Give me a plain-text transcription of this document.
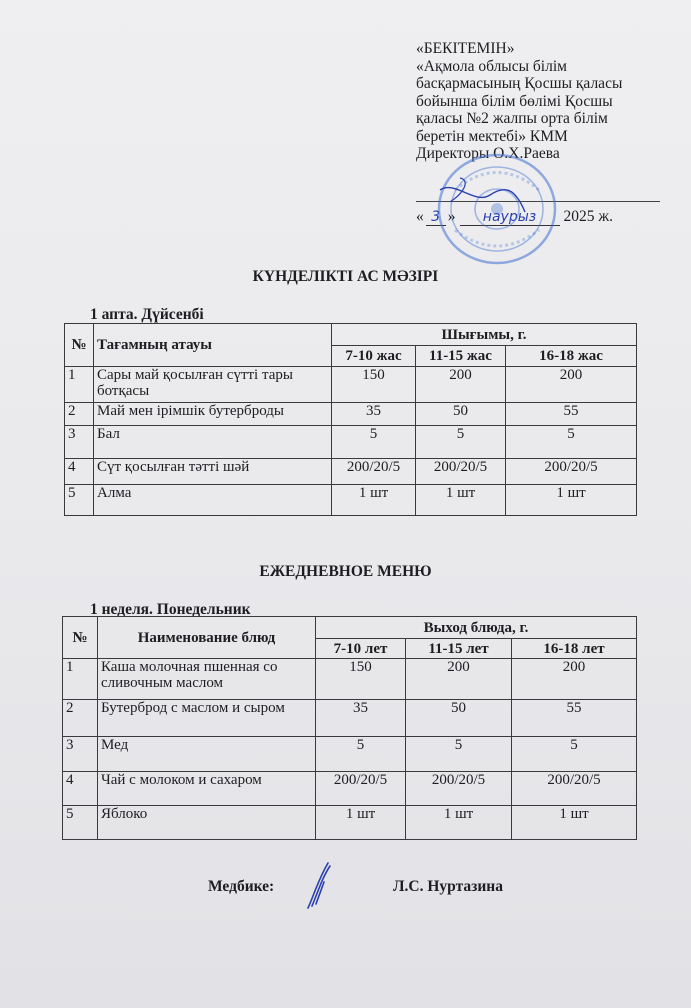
«БЕКІТЕМІН»
«Ақмола облысы білім
басқармасының Қосшы қаласы
бойынша білім бөлімі Қосшы
қаласы №2 жалпы орта білім
беретін мектебі» КММ
Директоры О.Х.Раева
« 3 » наурыз 2025 ж.
КҮНДЕЛІКТІ АС МӘЗІРІ
1 апта. Дүйсенбі
№	Тағамның атауы	Шығымы, г.		
		7-10 жас	11-15 жас	16-18 жас
1	Сары май қосылған сүтті тары ботқасы	150	200	200
2	Май мен ірімшік бутерброды	35	50	55
3	Бал	5	5	5
4	Сүт қосылған тәтті шәй	200/20/5	200/20/5	200/20/5
5	Алма	1 шт	1 шт	1 шт
ЕЖЕДНЕВНОЕ МЕНЮ
1 неделя. Понедельник
№	Наименование блюд	Выход блюда, г.		
		7-10 лет	11-15 лет	16-18 лет
1	Каша молочная пшенная со сливочным маслом	150	200	200
2	Бутерброд с маслом и сыром	35	50	55
3	Мед	5	5	5
4	Чай с молоком и сахаром	200/20/5	200/20/5	200/20/5
5	Яблоко	1 шт	1 шт	1 шт
Медбике:	Л.С. Нуртазина
